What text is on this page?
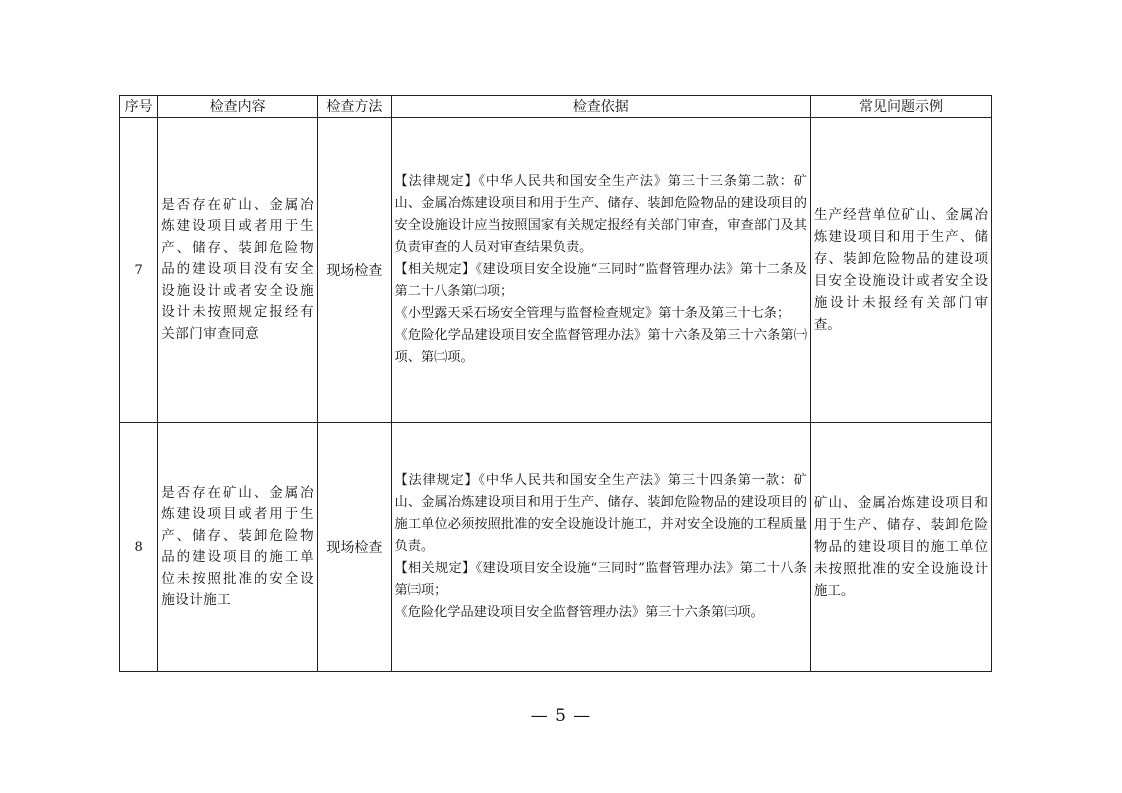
序号	检查内容	检查方法	检查依据	常见问题示例
7	是否存在矿山、金属冶炼建设项目或者用于生产、储存、装卸危险物品的建设项目没有安全设施设计或者安全设施设计未按照规定报经有关部门审查同意	现场检查	【法律规定】《中华人民共和国安全生产法》第三十三条第二款：矿山、金属冶炼建设项目和用于生产、储存、装卸危险物品的建设项目的安全设施设计应当按照国家有关规定报经有关部门审查，审查部门及其负责审查的人员对审查结果负责。

【相关规定】《建设项目安全设施“三同时”监督管理办法》第十二条及第二十八条第㈡项；

《小型露天采石场安全管理与监督检查规定》第十条及第三十七条；

《危险化学品建设项目安全监督管理办法》第十六条及第三十六条第㈠项、第㈡项。	生产经营单位矿山、金属冶炼建设项目和用于生产、储存、装卸危险物品的建设项目安全设施设计或者安全设施设计未报经有关部门审查。
8	是否存在矿山、金属冶炼建设项目或者用于生产、储存、装卸危险物品的建设项目的施工单位未按照批准的安全设施设计施工	现场检查	【法律规定】《中华人民共和国安全生产法》第三十四条第一款：矿山、金属冶炼建设项目和用于生产、储存、装卸危险物品的建设项目的施工单位必须按照批准的安全设施设计施工，并对安全设施的工程质量负责。

【相关规定】《建设项目安全设施“三同时”监督管理办法》第二十八条第㈢项；

《危险化学品建设项目安全监督管理办法》第三十六条第㈢项。	矿山、金属冶炼建设项目和用于生产、储存、装卸危险物品的建设项目的施工单位未按照批准的安全设施设计施工。
— 5 —
